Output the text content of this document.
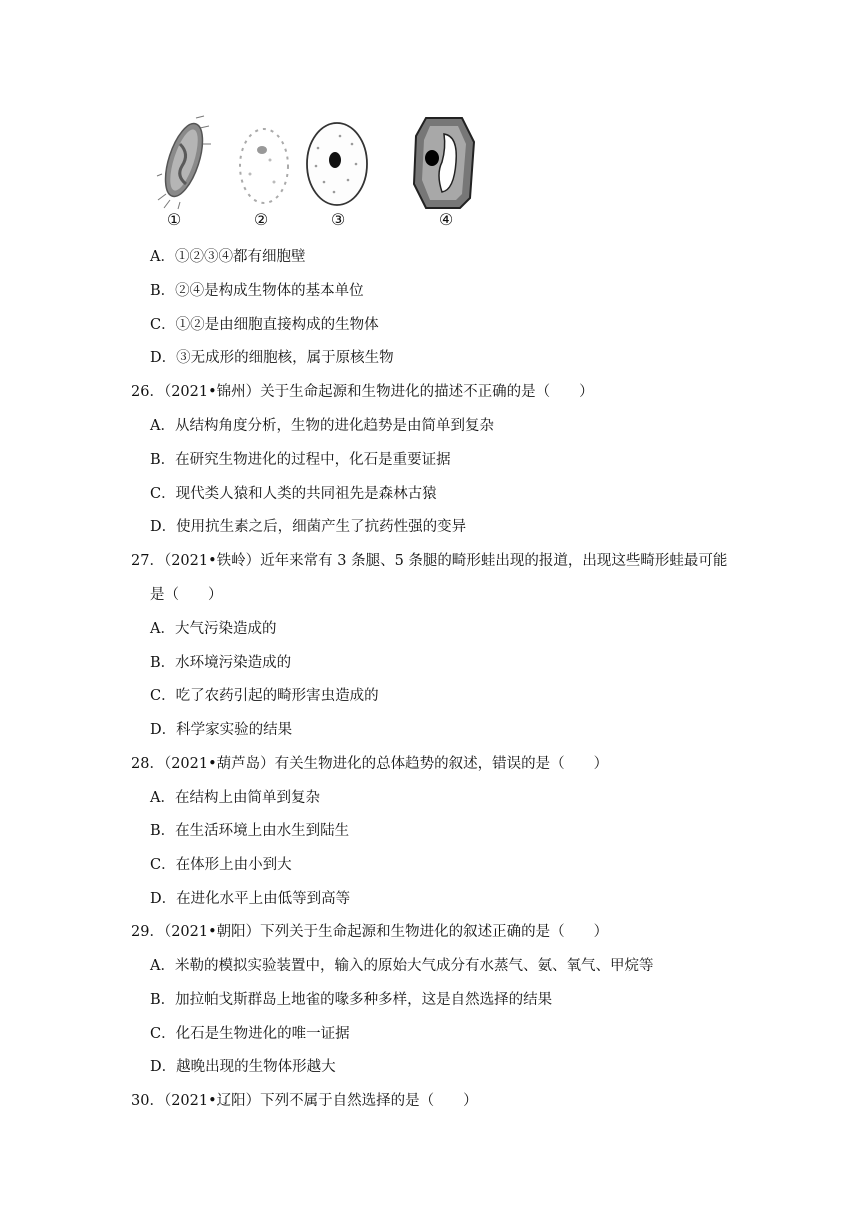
①	②	③	④
A．①②③④都有细胞壁
B．②④是构成生物体的基本单位
C．①②是由细胞直接构成的生物体
D．③无成形的细胞核，属于原核生物
26．（2021•锦州）关于生命起源和生物进化的描述不正确的是（　　）
A．从结构角度分析，生物的进化趋势是由简单到复杂
B．在研究生物进化的过程中，化石是重要证据
C．现代类人猿和人类的共同祖先是森林古猿
D．使用抗生素之后，细菌产生了抗药性强的变异
27．（2021•铁岭）近年来常有 3 条腿、5 条腿的畸形蛙出现的报道，出现这些畸形蛙最可能
是（　　）
A．大气污染造成的
B．水环境污染造成的
C．吃了农药引起的畸形害虫造成的
D．科学家实验的结果
28．（2021•葫芦岛）有关生物进化的总体趋势的叙述，错误的是（　　）
A．在结构上由简单到复杂
B．在生活环境上由水生到陆生
C．在体形上由小到大
D．在进化水平上由低等到高等
29．（2021•朝阳）下列关于生命起源和生物进化的叙述正确的是（　　）
A．米勒的模拟实验装置中，输入的原始大气成分有水蒸气、氨、氧气、甲烷等
B．加拉帕戈斯群岛上地雀的喙多种多样，这是自然选择的结果
C．化石是生物进化的唯一证据
D．越晚出现的生物体形越大
30．（2021•辽阳）下列不属于自然选择的是（　　）
